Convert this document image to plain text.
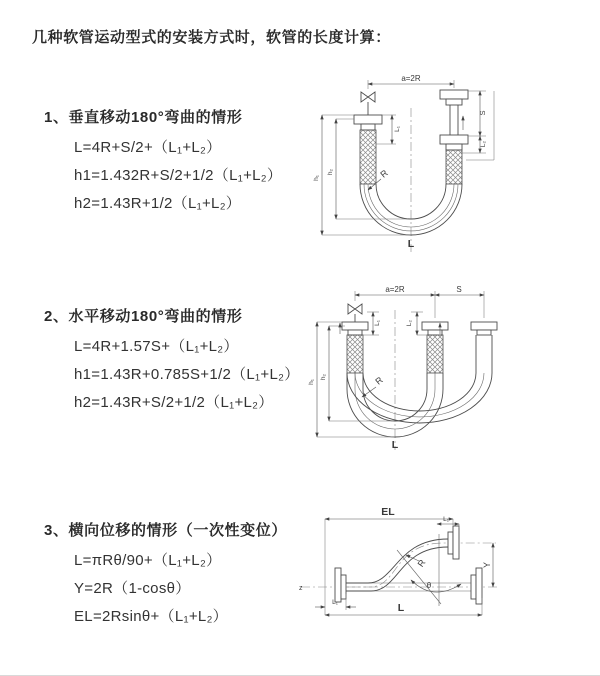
几种软管运动型式的安装方式时，软管的长度计算：
1、垂直移动180°弯曲的情形
L=4R+S/2+（L₁+L₂）
h1=1.432R+S/2+1/2（L₁+L₂）
h2=1.43R+1/2（L₁+L₂）
a=2R
L₁
S
L₂
h₁
h₂	R
L
2、水平移动180°弯曲的情形
L=4R+1.57S+（L₁+L₂）
h1=1.43R+0.785S+1/2（L₁+L₂）
h2=1.43R+S/2+1/2（L₁+L₂）
a=2R	S
L₁	L₂
h₁
h₂	R
L
3、横向位移的情形（一次性变位）
L=πRθ/90+（L₁+L₂）
Y=2R（1-cosθ）
EL=2Rsinθ+（L₁+L₂）
z	θ
R
EL
L₁
Y
L
L₁
